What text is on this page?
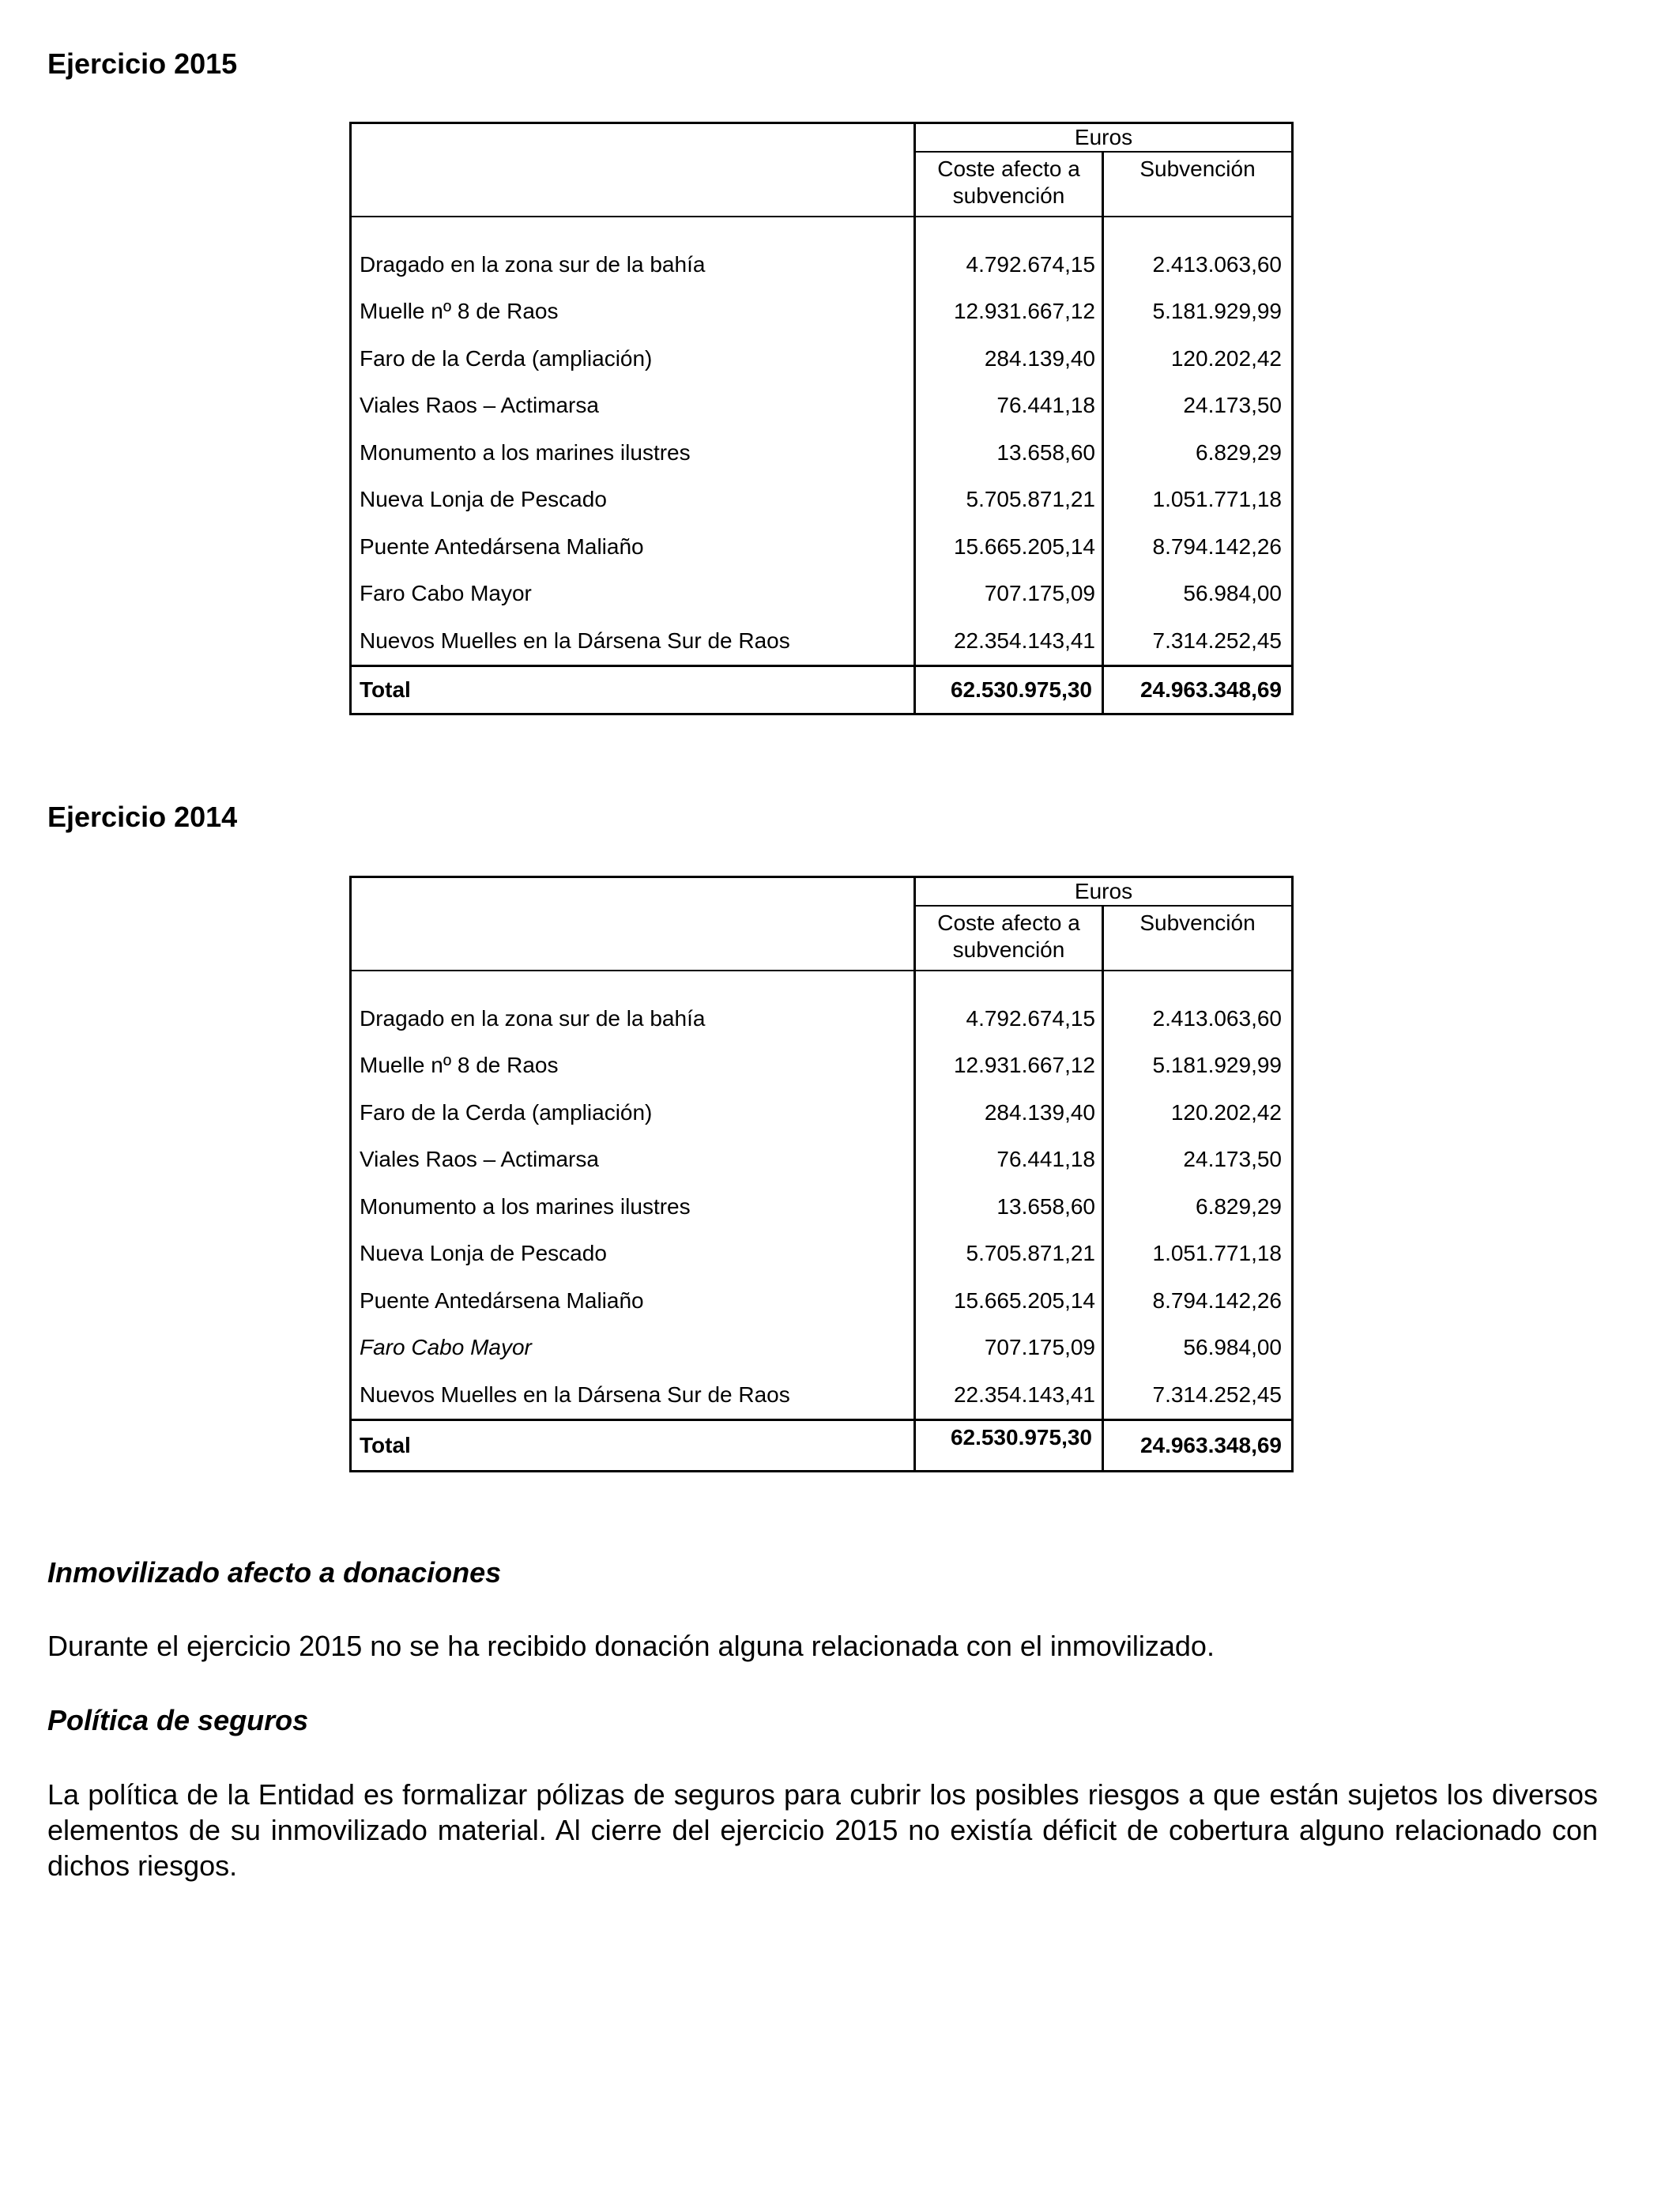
Ejercicio 2015
	Euros	
	Coste afecto a
subvención	Subvención

Dragado en la zona sur de la bahía	4.792.674,15	2.413.063,60
Muelle nº 8 de Raos	12.931.667,12	5.181.929,99
Faro de la Cerda (ampliación)	284.139,40	120.202,42
Viales Raos – Actimarsa	76.441,18	24.173,50
Monumento a los marines ilustres	13.658,60	6.829,29
Nueva Lonja de Pescado	5.705.871,21	1.051.771,18
Puente Antedársena Maliaño	15.665.205,14	8.794.142,26
Faro Cabo Mayor	707.175,09	56.984,00
Nuevos Muelles en la Dársena Sur de Raos	22.354.143,41	7.314.252,45
Total	62.530.975,30	24.963.348,69
Ejercicio 2014
	Euros	
	Coste afecto a
subvención	Subvención

Dragado en la zona sur de la bahía	4.792.674,15	2.413.063,60
Muelle nº 8 de Raos	12.931.667,12	5.181.929,99
Faro de la Cerda (ampliación)	284.139,40	120.202,42
Viales Raos – Actimarsa	76.441,18	24.173,50
Monumento a los marines ilustres	13.658,60	6.829,29
Nueva Lonja de Pescado	5.705.871,21	1.051.771,18
Puente Antedársena Maliaño	15.665.205,14	8.794.142,26
Faro Cabo Mayor	707.175,09	56.984,00
Nuevos Muelles en la Dársena Sur de Raos	22.354.143,41	7.314.252,45
Total	62.530.975,30	24.963.348,69
Inmovilizado afecto a donaciones

Durante el ejercicio 2015 no se ha recibido donación alguna relacionada con el inmovilizado.

Política de seguros

La política de la Entidad es formalizar pólizas de seguros para cubrir los posibles riesgos a que están sujetos los diversos elementos de su inmovilizado material. Al cierre del ejercicio 2015 no existía déficit de cobertura alguno relacionado con dichos riesgos.
